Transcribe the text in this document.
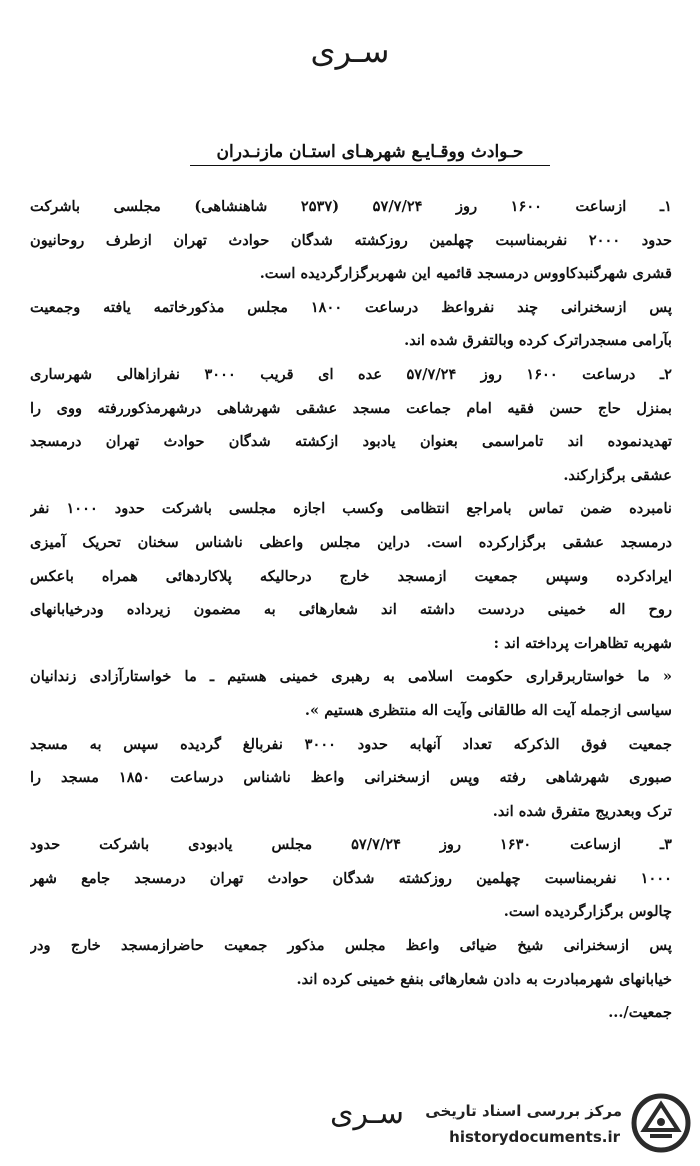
سـری
حـوادث ووقـایـع شهرهـای استـان مازنـدران
۱ـ ازساعت ۱۶۰۰ روز ۵۷/۷/۲۴ (۲۵۳۷ شاهنشاهی) مجلسی باشرکت
حدود ۲۰۰۰ نفربمناسبت چهلمین روزکشته شدگان حوادث تهران ازطرف روحانیون
قشری شهرگنبدکاووس درمسجد قائمیه این شهربرگزارگردیده است.
پس ازسخنرانی چند نفرواعظ درساعت ۱۸۰۰ مجلس مذکورخاتمه یافته وجمعیت
بآرامی مسجدراترک کرده وبالتفرق شده اند.
۲ـ درساعت ۱۶۰۰ روز ۵۷/۷/۲۴ عده ای قریب ۳۰۰۰ نفرازاهالی شهرساری
بمنزل حاج حسن فقیه امام جماعت مسجد عشقی شهرشاهی درشهرمذکوررفته ووی را
تهدیدنموده اند تامراسمی بعنوان یادبود ازکشته شدگان حوادث تهران درمسجد
عشقی برگزارکند.
نامبرده ضمن تماس بامراجع انتظامی وکسب اجازه مجلسی باشرکت حدود ۱۰۰۰ نفر
درمسجد عشقی برگزارکرده است. دراین مجلس واعظی ناشناس سخنان تحریک آمیزی
ایرادکرده وسپس جمعیت ازمسجد خارج درحالیکه پلاکاردهائی همراه باعکس
روح اله خمینی دردست داشته اند شعارهائی به مضمون زیرداده ودرخیابانهای
شهربه تظاهرات پرداخته اند :
« ما خواستاربرقراری حکومت اسلامی به رهبری خمینی هستیم ـ ما خواستارآزادی زندانیان
سیاسی ازجمله آیت اله طالقانی وآیت اله منتظری هستیم ».
جمعیت فوق الذکرکه تعداد آنهابه حدود ۳۰۰۰ نفربالغ گردیده سپس به مسجد
صبوری شهرشاهی رفته وپس ازسخنرانی واعظ ناشناس درساعت ۱۸۵۰ مسجد را
ترک وبعدریج متفرق شده اند.
۳ـ ازساعت ۱۶۳۰ روز ۵۷/۷/۲۴ مجلس یادبودی باشرکت حدود
۱۰۰۰ نفربمناسبت چهلمین روزکشته شدگان حوادث تهران درمسجد جامع شهر
چالوس برگزارگردیده است.
پس ازسخنرانی شیخ ضیائی واعظ مجلس مذکور جمعیت حاضرازمسجد خارج ودر
خیابانهای شهرمبادرت به دادن شعارهائی بنفع خمینی کرده اند.
جمعیت/...
سـری	مرکز بررسی اسناد تاریخی
historydocuments.ir
